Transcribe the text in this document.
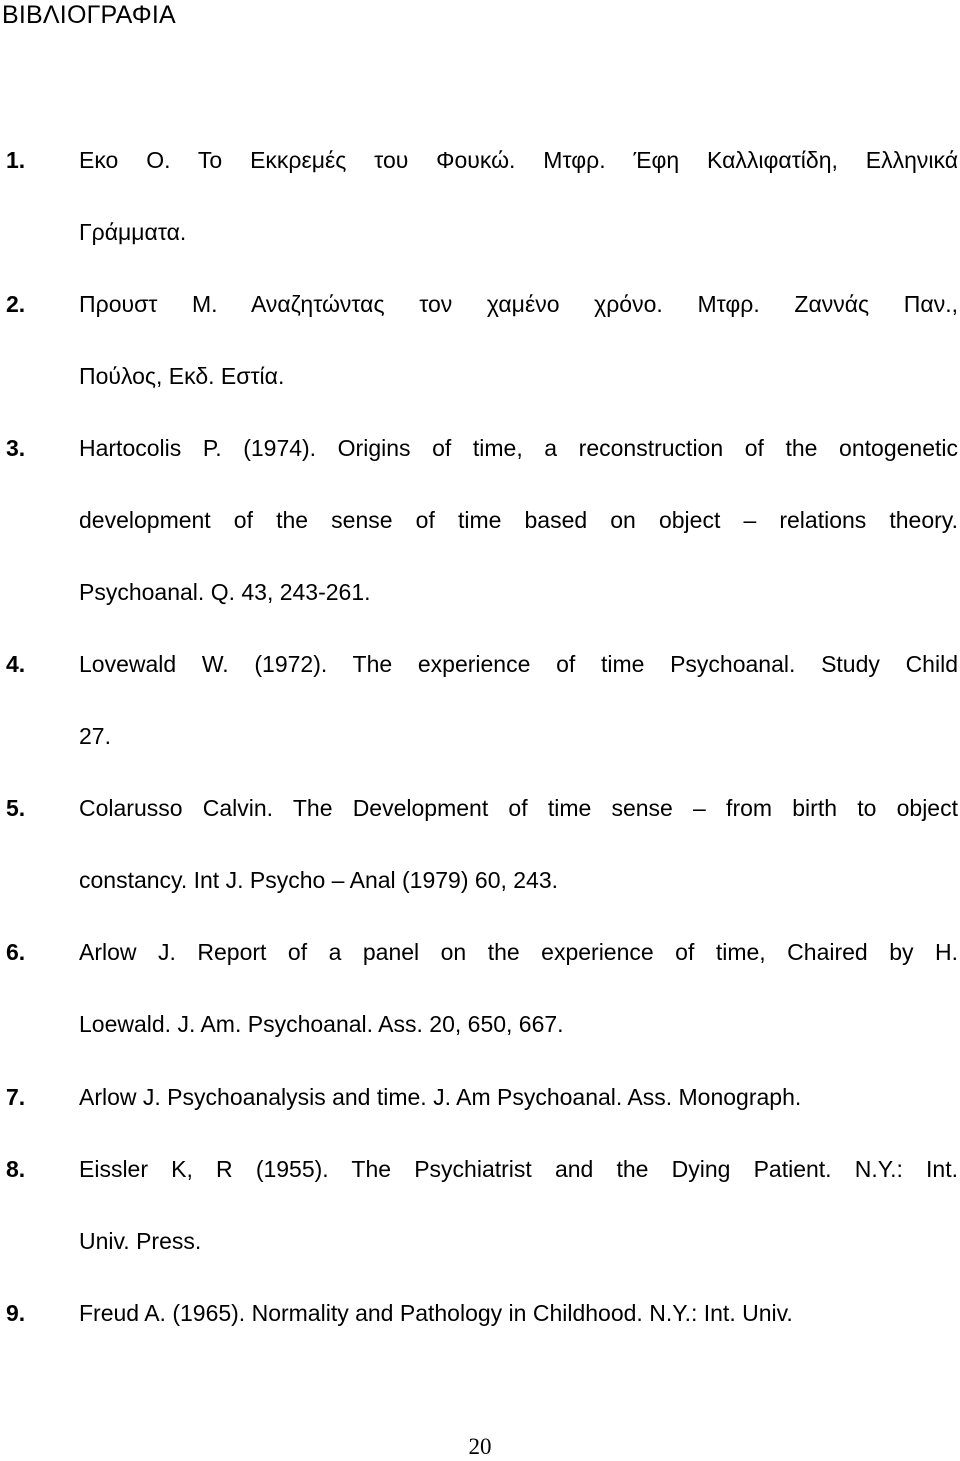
ΒΙΒΛΙΟΓΡΑΦΙΑ
1. Εκο Ο. Το Εκκρεμές του Φουκώ. Μτφρ. Έφη Καλλιφατίδη, Ελληνικά
Γράμματα.
2. Προυστ Μ. Αναζητώντας τον χαμένο χρόνο. Μτφρ. Ζαννάς Παν.,
Πούλος, Εκδ. Εστία.
3. Hartocolis P. (1974). Origins of time, a reconstruction of the ontogenetic
development of the sense of time based on object – relations theory.
Psychoanal. Q. 43, 243-261.
4. Lovewald W. (1972). The experience of time Psychoanal. Study Child
27.
5. Colarusso Calvin. The Development of time sense – from birth to object
constancy. Int J. Psycho – Anal (1979) 60, 243.
6. Arlow J. Report of a panel on the experience of time, Chaired by H.
Loewald. J. Am. Psychoanal. Ass. 20, 650, 667.
7. Arlow J. Psychoanalysis and time. J. Am Psychoanal. Ass. Monograph.
8. Eissler K, R (1955). The Psychiatrist and the Dying Patient. N.Y.: Int.
Univ. Press.
9. Freud A. (1965). Normality and Pathology in Childhood. N.Y.: Int. Univ.
20
